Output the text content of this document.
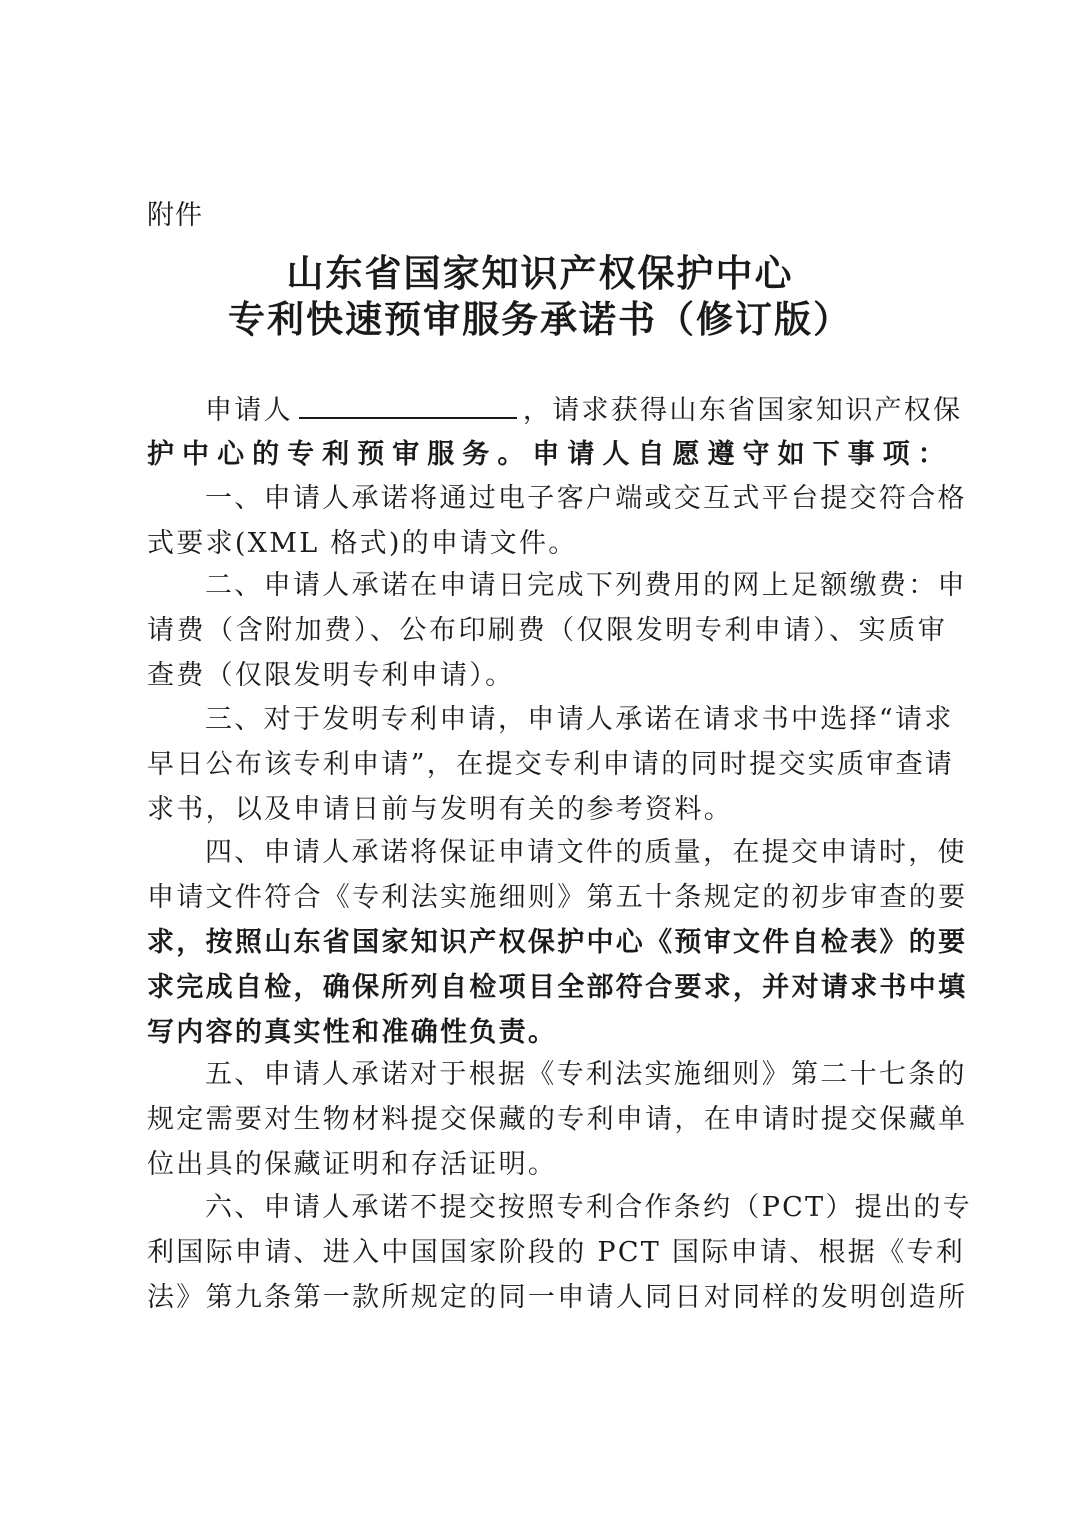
附件
山东省国家知识产权保护中心
专利快速预审服务承诺书（修订版）
申请人	，请求获得山东省国家知识产权保
护中心的专利预审服务。申请人自愿遵守如下事项：
一、申请人承诺将通过电子客户端或交互式平台提交符合格
式要求(XML 格式)的申请文件。
二、申请人承诺在申请日完成下列费用的网上足额缴费：申
请费（含附加费）、公布印刷费（仅限发明专利申请）、实质审
查费（仅限发明专利申请）。
三、对于发明专利申请，申请人承诺在请求书中选择“请求
早日公布该专利申请”，在提交专利申请的同时提交实质审查请
求书，以及申请日前与发明有关的参考资料。
四、申请人承诺将保证申请文件的质量，在提交申请时，使
申请文件符合《专利法实施细则》第五十条规定的初步审查的要
求，按照山东省国家知识产权保护中心《预审文件自检表》的要
求完成自检，确保所列自检项目全部符合要求，并对请求书中填
写内容的真实性和准确性负责。
五、申请人承诺对于根据《专利法实施细则》第二十七条的
规定需要对生物材料提交保藏的专利申请，在申请时提交保藏单
位出具的保藏证明和存活证明。
六、申请人承诺不提交按照专利合作条约（PCT）提出的专
利国际申请、进入中国国家阶段的 PCT 国际申请、根据《专利
法》第九条第一款所规定的同一申请人同日对同样的发明创造所
